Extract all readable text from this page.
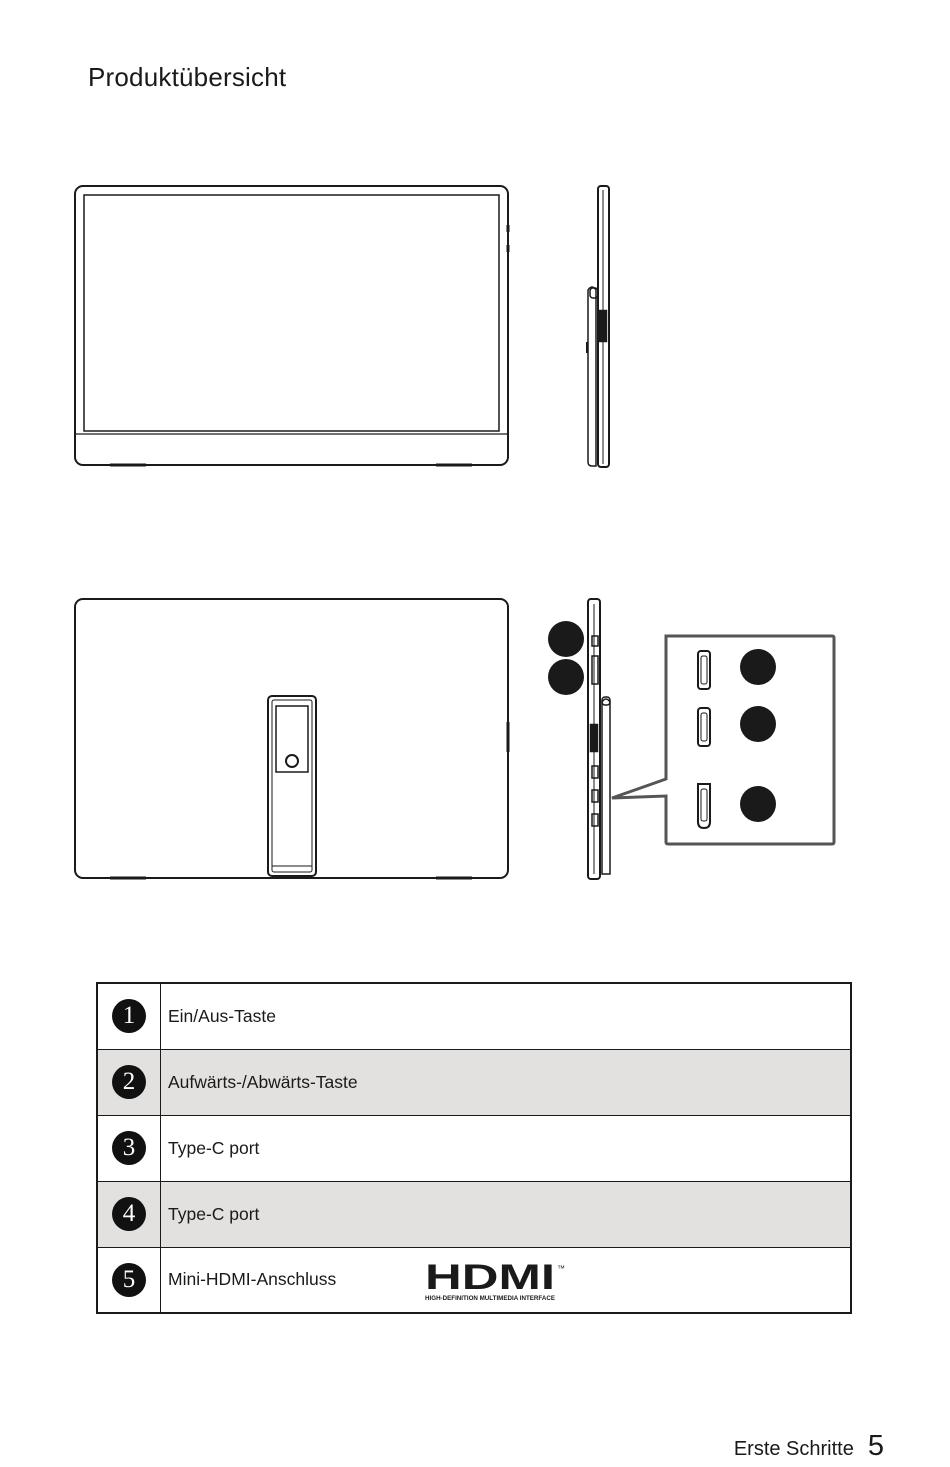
Produktübersicht
1	Ein/Aus-Taste
2	Aufwärts-/Abwärts-Taste
3	Type-C port
4	Type-C port
5	Mini-HDMI-Anschluss HDMI ™
HIGH-DEFINITION MULTIMEDIA INTERFACE
Erste Schritte 5
